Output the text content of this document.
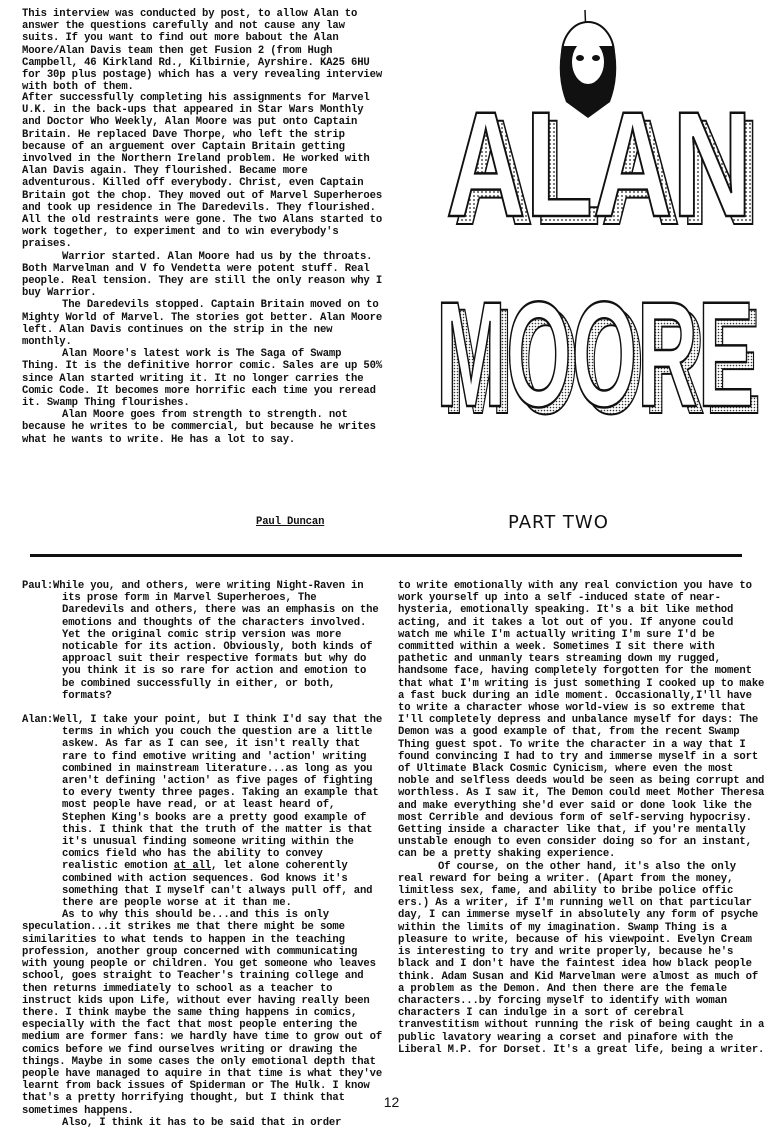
This interview was conducted by post, to allow Alan to answer the questions carefully and not cause any law suits. If you want to find out more babout the Alan Moore/Alan Davis team then get Fusion 2 (from Hugh Campbell, 46 Kirkland Rd., Kilbirnie, Ayrshire. KA25 6HU for 30p plus postage) which has a very revealing interview with both of them.

After successfully completing his assignments for Marvel U.K. in the back-ups that appeared in Star Wars Monthly and Doctor Who Weekly, Alan Moore was put onto Captain Britain. He replaced Dave Thorpe, who left the strip because of an arguement over Captain Britain getting involved in the Northern Ireland problem. He worked with Alan Davis again. They flourished. Became more adventurous. Killed off everybody. Christ, even Captain Britain got the chop. They moved out of Marvel Superheroes and took up residence in The Daredevils. They flourished. All the old restraints were gone. The two Alans started to work together, to experiment and to win everybody's praises.

Warrior started. Alan Moore had us by the throats. Both Marvelman and V fo Vendetta were potent stuff. Real people. Real tension. They are still the only reason why I buy Warrior.

The Daredevils stopped. Captain Britain moved on to Mighty World of Marvel. The stories got better. Alan Moore left. Alan Davis continues on the strip in the new monthly.

Alan Moore's latest work is The Saga of Swamp Thing. It is the definitive horror comic. Sales are up 50% since Alan started writing it. It no longer carries the Comic Code. It becomes more horrific each time you reread it. Swamp Thing flourishes.

Alan Moore goes from strength to strength. not because he writes to be commercial, but because he writes what he wants to write. He has a lot to say.

Paul Duncan
ALAN
ALAN
MOORE
MOORE
PART TWO

Paul:While you, and others, were writing Night-Raven in its prose form in Marvel Superheroes, The Daredevils and others, there was an emphasis on the emotions and thoughts of the characters involved. Yet the original comic strip version was more noticable for its action. Obviously, both kinds of approacl suit their respective formats but why do you think it is so rare for action and emotion to be combined successfully in either, or both, formats?

Alan:Well, I take your point, but I think I'd say that the terms in which you couch the question are a little askew. As far as I can see, it isn't really that rare to find emotive writing and 'action' writing combined in mainstream literature...as long as you aren't defining 'action' as five pages of fighting to every twenty three pages. Taking an example that most people have read, or at least heard of, Stephen King's books are a pretty good example of this. I think that the truth of the matter is that it's unusual finding someone writing within the comics field who has the ability to convey realistic emotion at all, let alone coherently combined with action sequences. God knows it's something that I myself can't always pull off, and there are people worse at it than me.

As to why this should be...and this is only speculation...it strikes me that there might be some similarities to what tends to happen in the teaching profession, another group concerned with communicating with young people or children. You get someone who leaves school, goes straight to Teacher's training college and then returns immediately to school as a teacher to instruct kids upon Life, without ever having really been there. I think maybe the same thing happens in comics, especially with the fact that most people entering the medium are former fans: we hardly have time to grow out of comics before we find ourselves writing or drawing the things. Maybe in some cases the only emotional depth that people have managed to aquire in that time is what they've learnt from back issues of Spiderman or The Hulk. I know that's a pretty horrifying thought, but I think that sometimes happens.

Also, I think it has to be said that in order

to write emotionally with any real conviction you have to work yourself up into a self -induced state of near-hysteria, emotionally speaking. It's a bit like method acting, and it takes a lot out of you. If anyone could watch me while I'm actually writing I'm sure I'd be committed within a week. Sometimes I sit there with pathetic and unmanly tears streaming down my rugged, handsome face, having completely forgotten for the moment that what I'm writing is just something I cooked up to make a fast buck during an idle moment. Occasionally,I'll have to write a character whose world-view is so extreme that I'll completely depress and unbalance myself for days: The Demon was a good example of that, from the recent Swamp Thing guest spot. To write the character in a way that I found convincing I had to try and immerse myself in a sort of Ultimate Black Cosmic Cynicism, where even the most noble and selfless deeds would be seen as being corrupt and worthless. As I saw it, The Demon could meet Mother Theresa and make everything she'd ever said or done look like the most Cerrible and devious form of self-serving hypocrisy. Getting inside a character like that, if you're mentally unstable enough to even consider doing so for an instant, can be a pretty shaking experience.

Of course, on the other hand, it's also the only real reward for being a writer. (Apart from the money, limitless sex, fame, and ability to bribe police offic ers.) As a writer, if I'm running well on that particular day, I can immerse myself in absolutely any form of psyche within the limits of my imagination. Swamp Thing is a pleasure to write, because of his viewpoint. Evelyn Cream is interesting to try and write properly, because he's black and I don't have the faintest idea how black people think. Adam Susan and Kid Marvelman were almost as much of a problem as the Demon. And then there are the female characters...by forcing myself to identify with woman characters I can indulge in a sort of cerebral tranvestitism without running the risk of being caught in a public lavatory wearing a corset and pinafore with the Liberal M.P. for Dorset. It's a great life, being a writer.

12
